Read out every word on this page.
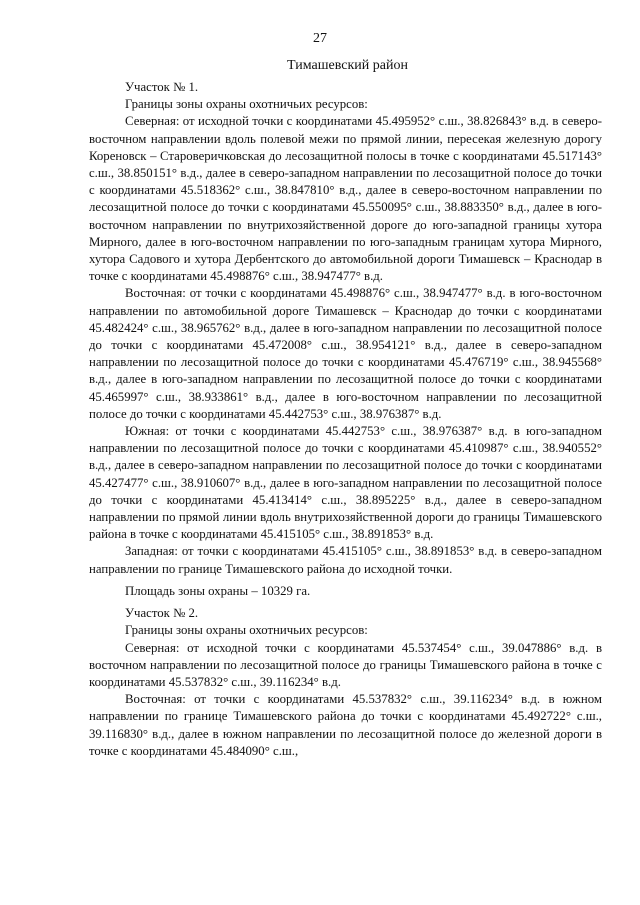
27
Тимашевский район

Участок № 1.

Границы зоны охраны охотничьих ресурсов:

Северная: от исходной точки с координатами 45.495952° с.ш., 38.826843° в.д. в северо-восточном направлении вдоль полевой межи по прямой линии, пересекая железную дорогу Кореновск – Староверичковская до лесозащитной полосы в точке с координатами 45.517143° с.ш., 38.850151° в.д., далее в северо-западном направлении по лесозащитной полосе до точки с координатами 45.518362° с.ш., 38.847810° в.д., далее в северо-восточном направлении по лесозащитной полосе до точки с координатами 45.550095° с.ш., 38.883350° в.д., далее в юго-восточном направлении по внутрихозяйственной дороге до юго-западной границы хутора Мирного, далее в юго-восточном направлении по юго-западным границам хутора Мирного, хутора Садового и хутора Дербентского до автомобильной дороги Тимашевск – Краснодар в точке с координатами 45.498876° с.ш., 38.947477° в.д.

Восточная: от точки с координатами 45.498876° с.ш., 38.947477° в.д. в юго-восточном направлении по автомобильной дороге Тимашевск – Краснодар до точки с координатами 45.482424° с.ш., 38.965762° в.д., далее в юго-западном направлении по лесозащитной полосе до точки с координатами 45.472008° с.ш., 38.954121° в.д., далее в северо-западном направлении по лесозащитной полосе до точки с координатами 45.476719° с.ш., 38.945568° в.д., далее в юго-западном направлении по лесозащитной полосе до точки с координатами 45.465997° с.ш., 38.933861° в.д., далее в юго-восточном направлении по лесозащитной полосе до точки с координатами 45.442753° с.ш., 38.976387° в.д.

Южная: от точки с координатами 45.442753° с.ш., 38.976387° в.д. в юго-западном направлении по лесозащитной полосе до точки с координатами 45.410987° с.ш., 38.940552° в.д., далее в северо-западном направлении по лесозащитной полосе до точки с координатами 45.427477° с.ш., 38.910607° в.д., далее в юго-западном направлении по лесозащитной полосе до точки с координатами 45.413414° с.ш., 38.895225° в.д., далее в северо-западном направлении по прямой линии вдоль внутрихозяйственной дороги до границы Тимашевского района в точке с координатами 45.415105° с.ш., 38.891853° в.д.

Западная: от точки с координатами 45.415105° с.ш., 38.891853° в.д. в северо-западном направлении по границе Тимашевского района до исходной точки.

Площадь зоны охраны – 10329 га.

Участок № 2.

Границы зоны охраны охотничьих ресурсов:

Северная: от исходной точки с координатами 45.537454° с.ш., 39.047886° в.д. в восточном направлении по лесозащитной полосе до границы Тимашевского района в точке с координатами 45.537832° с.ш., 39.116234° в.д.

Восточная: от точки с координатами 45.537832° с.ш., 39.116234° в.д. в южном направлении по границе Тимашевского района до точки с координатами 45.492722° с.ш., 39.116830° в.д., далее в южном направлении по лесозащитной полосе до железной дороги в точке с координатами 45.484090° с.ш.,
